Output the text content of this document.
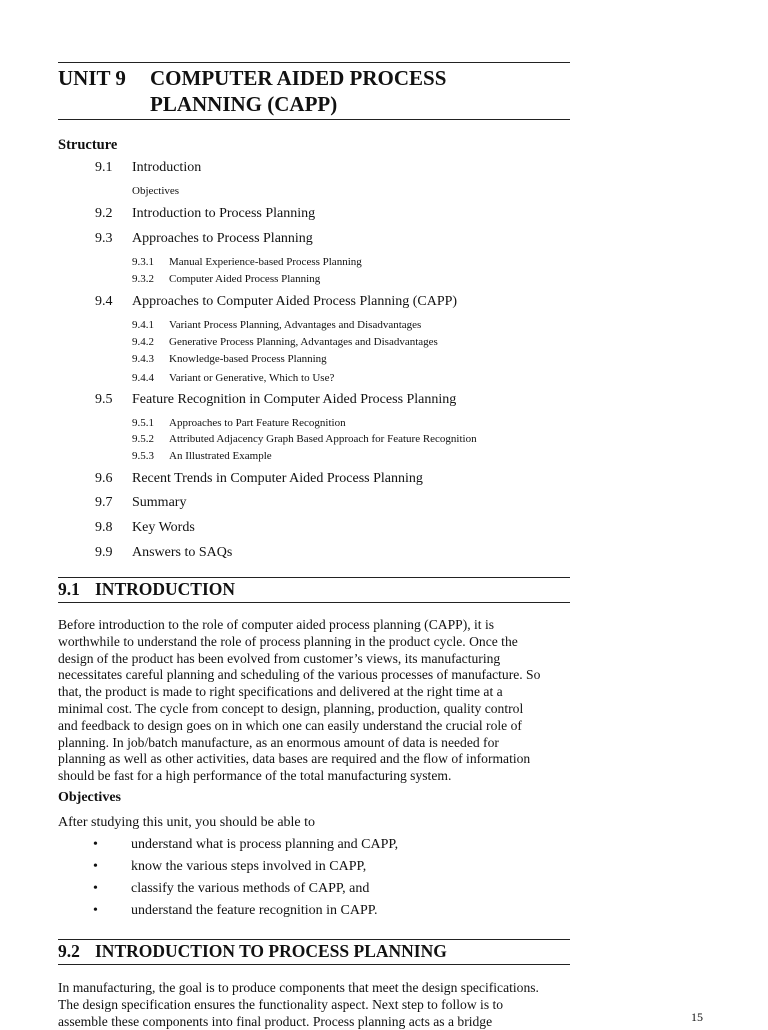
UNIT 9 COMPUTER AIDED PROCESS
PLANNING (CAPP)
Structure
9.1 Introduction
Objectives
9.2 Introduction to Process Planning
9.3 Approaches to Process Planning
9.3.1 Manual Experience-based Process Planning
9.3.2 Computer Aided Process Planning
9.4 Approaches to Computer Aided Process Planning (CAPP)
9.4.1 Variant Process Planning, Advantages and Disadvantages
9.4.2 Generative Process Planning, Advantages and Disadvantages
9.4.3 Knowledge-based Process Planning
9.4.4 Variant or Generative, Which to Use?
9.5 Feature Recognition in Computer Aided Process Planning
9.5.1 Approaches to Part Feature Recognition
9.5.2 Attributed Adjacency Graph Based Approach for Feature Recognition
9.5.3 An Illustrated Example
9.6 Recent Trends in Computer Aided Process Planning
9.7 Summary
9.8 Key Words
9.9 Answers to SAQs
9.1 INTRODUCTION
Before introduction to the role of computer aided process planning (CAPP), it is
worthwhile to understand the role of process planning in the product cycle. Once the
design of the product has been evolved from customer’s views, its manufacturing
necessitates careful planning and scheduling of the various processes of manufacture. So
that, the product is made to right specifications and delivered at the right time at a
minimal cost. The cycle from concept to design, planning, production, quality control
and feedback to design goes on in which one can easily understand the crucial role of
planning. In job/batch manufacture, as an enormous amount of data is needed for
planning as well as other activities, data bases are required and the flow of information
should be fast for a high performance of the total manufacturing system.
Objectives
After studying this unit, you should be able to
• understand what is process planning and CAPP,
• know the various steps involved in CAPP,
• classify the various methods of CAPP, and
• understand the feature recognition in CAPP.
9.2 INTRODUCTION TO PROCESS PLANNING
In manufacturing, the goal is to produce components that meet the design specifications.
The design specification ensures the functionality aspect. Next step to follow is to
assemble these components into final product. Process planning acts as a bridge	15
